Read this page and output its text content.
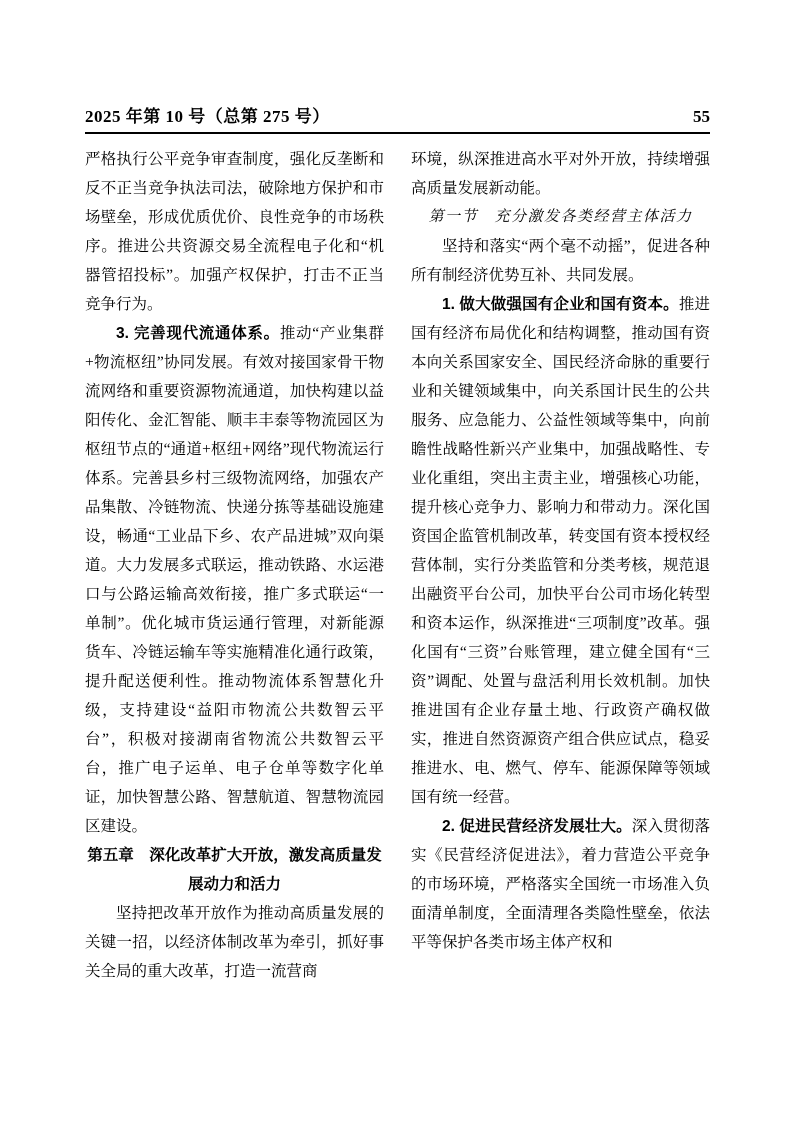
2025 年第 10 号（总第 275 号）	55

严格执行公平竞争审查制度，强化反垄断和反不正当竞争执法司法，破除地方保护和市场壁垒，形成优质优价、良性竞争的市场秩序。推进公共资源交易全流程电子化和“机器管招投标”。加强产权保护，打击不正当竞争行为。

3. 完善现代流通体系。推动“产业集群+物流枢纽”协同发展。有效对接国家骨干物流网络和重要资源物流通道，加快构建以益阳传化、金汇智能、顺丰丰泰等物流园区为枢纽节点的“通道+枢纽+网络”现代物流运行体系。完善县乡村三级物流网络，加强农产品集散、冷链物流、快递分拣等基础设施建设，畅通“工业品下乡、农产品进城”双向渠道。大力发展多式联运，推动铁路、水运港口与公路运输高效衔接，推广多式联运“一单制”。优化城市货运通行管理，对新能源货车、冷链运输车等实施精准化通行政策，提升配送便利性。推动物流体系智慧化升级，支持建设“益阳市物流公共数智云平台”，积极对接湖南省物流公共数智云平台，推广电子运单、电子仓单等数字化单证，加快智慧公路、智慧航道、智慧物流园区建设。

第五章　深化改革扩大开放，激发高质量发展动力和活力

坚持把改革开放作为推动高质量发展的关键一招，以经济体制改革为牵引，抓好事关全局的重大改革，打造一流营商

环境，纵深推进高水平对外开放，持续增强高质量发展新动能。

第一节　充分激发各类经营主体活力

坚持和落实“两个毫不动摇”，促进各种所有制经济优势互补、共同发展。

1. 做大做强国有企业和国有资本。推进国有经济布局优化和结构调整，推动国有资本向关系国家安全、国民经济命脉的重要行业和关键领域集中，向关系国计民生的公共服务、应急能力、公益性领域等集中，向前瞻性战略性新兴产业集中，加强战略性、专业化重组，突出主责主业，增强核心功能，提升核心竞争力、影响力和带动力。深化国资国企监管机制改革，转变国有资本授权经营体制，实行分类监管和分类考核，规范退出融资平台公司，加快平台公司市场化转型和资本运作，纵深推进“三项制度”改革。强化国有“三资”台账管理，建立健全国有“三资”调配、处置与盘活利用长效机制。加快推进国有企业存量土地、行政资产确权做实，推进自然资源资产组合供应试点，稳妥推进水、电、燃气、停车、能源保障等领域国有统一经营。

2. 促进民营经济发展壮大。深入贯彻落实《民营经济促进法》，着力营造公平竞争的市场环境，严格落实全国统一市场准入负面清单制度，全面清理各类隐性壁垒，依法平等保护各类市场主体产权和
